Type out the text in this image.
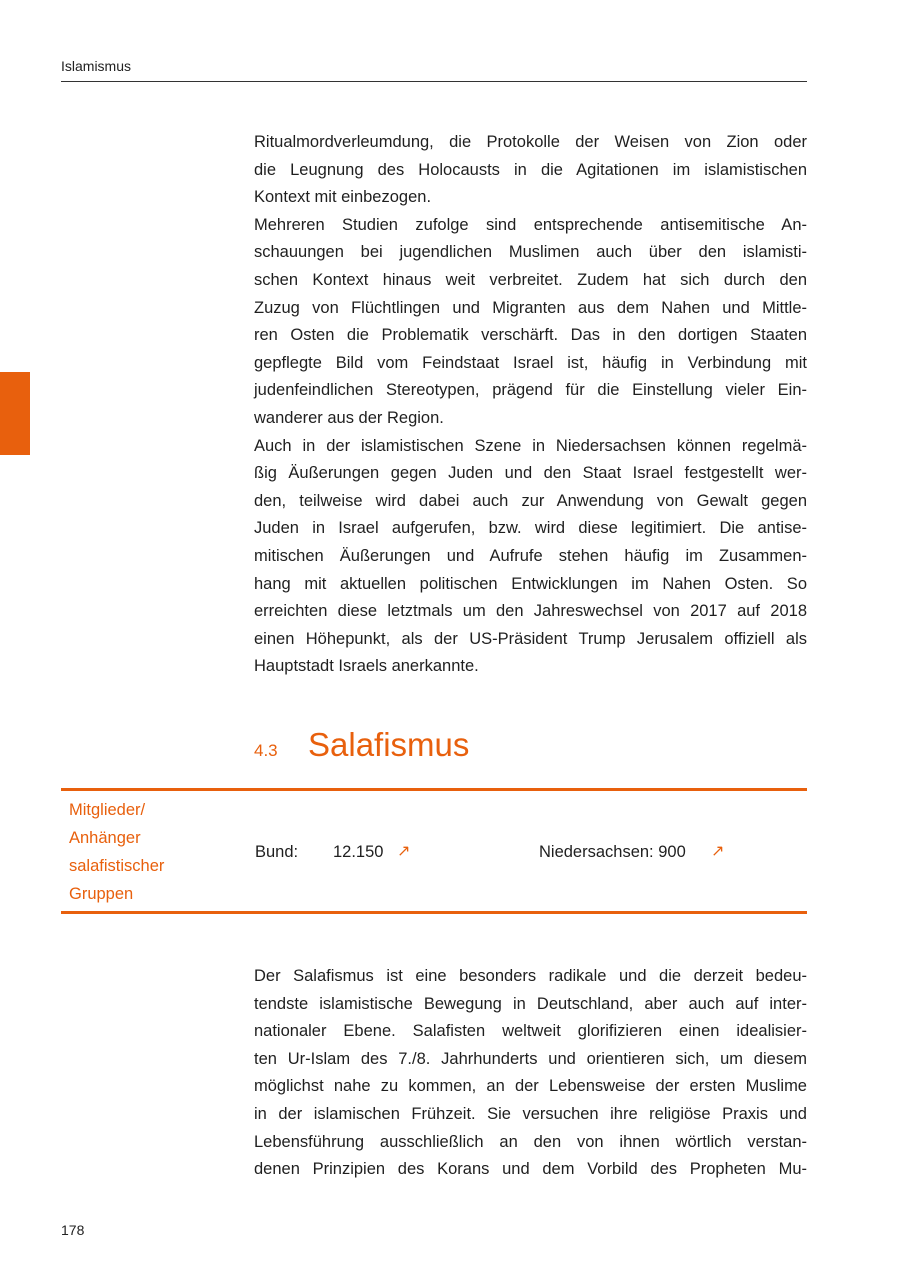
Islamismus

Ritualmordverleumdung, die Protokolle der Weisen von Zion oder
die Leugnung des Holocausts in die Agitationen im islamistischen
Kontext mit einbezogen.

Mehreren Studien zufolge sind entsprechende antisemitische An-
schauungen bei jugendlichen Muslimen auch über den islamisti-
schen Kontext hinaus weit verbreitet. Zudem hat sich durch den
Zuzug von Flüchtlingen und Migranten aus dem Nahen und Mittle-
ren Osten die Problematik verschärft. Das in den dortigen Staaten
gepflegte Bild vom Feindstaat Israel ist, häufig in Verbindung mit
judenfeindlichen Stereotypen, prägend für die Einstellung vieler Ein-
wanderer aus der Region.

Auch in der islamistischen Szene in Niedersachsen können regelmä-
ßig Äußerungen gegen Juden und den Staat Israel festgestellt wer-
den, teilweise wird dabei auch zur Anwendung von Gewalt gegen
Juden in Israel aufgerufen, bzw. wird diese legitimiert. Die antise-
mitischen Äußerungen und Aufrufe stehen häufig im Zusammen-
hang mit aktuellen politischen Entwicklungen im Nahen Osten. So
erreichten diese letztmals um den Jahreswechsel von 2017 auf 2018
einen Höhepunkt, als der US-Präsident Trump Jerusalem offiziell als
Hauptstadt Israels anerkannte.

4.3 Salafismus
Mitglieder/
Anhänger
salafistischer
Gruppen
Bund: 12.150 ↗	Niedersachsen: 900 ↗

Der Salafismus ist eine besonders radikale und die derzeit bedeu-
tendste islamistische Bewegung in Deutschland, aber auch auf inter-
nationaler Ebene. Salafisten weltweit glorifizieren einen idealisier-
ten Ur-Islam des 7./8. Jahrhunderts und orientieren sich, um diesem
möglichst nahe zu kommen, an der Lebensweise der ersten Muslime
in der islamischen Frühzeit. Sie versuchen ihre religiöse Praxis und
Lebensführung ausschließlich an den von ihnen wörtlich verstan-
denen Prinzipien des Korans und dem Vorbild des Propheten Mu-

178
